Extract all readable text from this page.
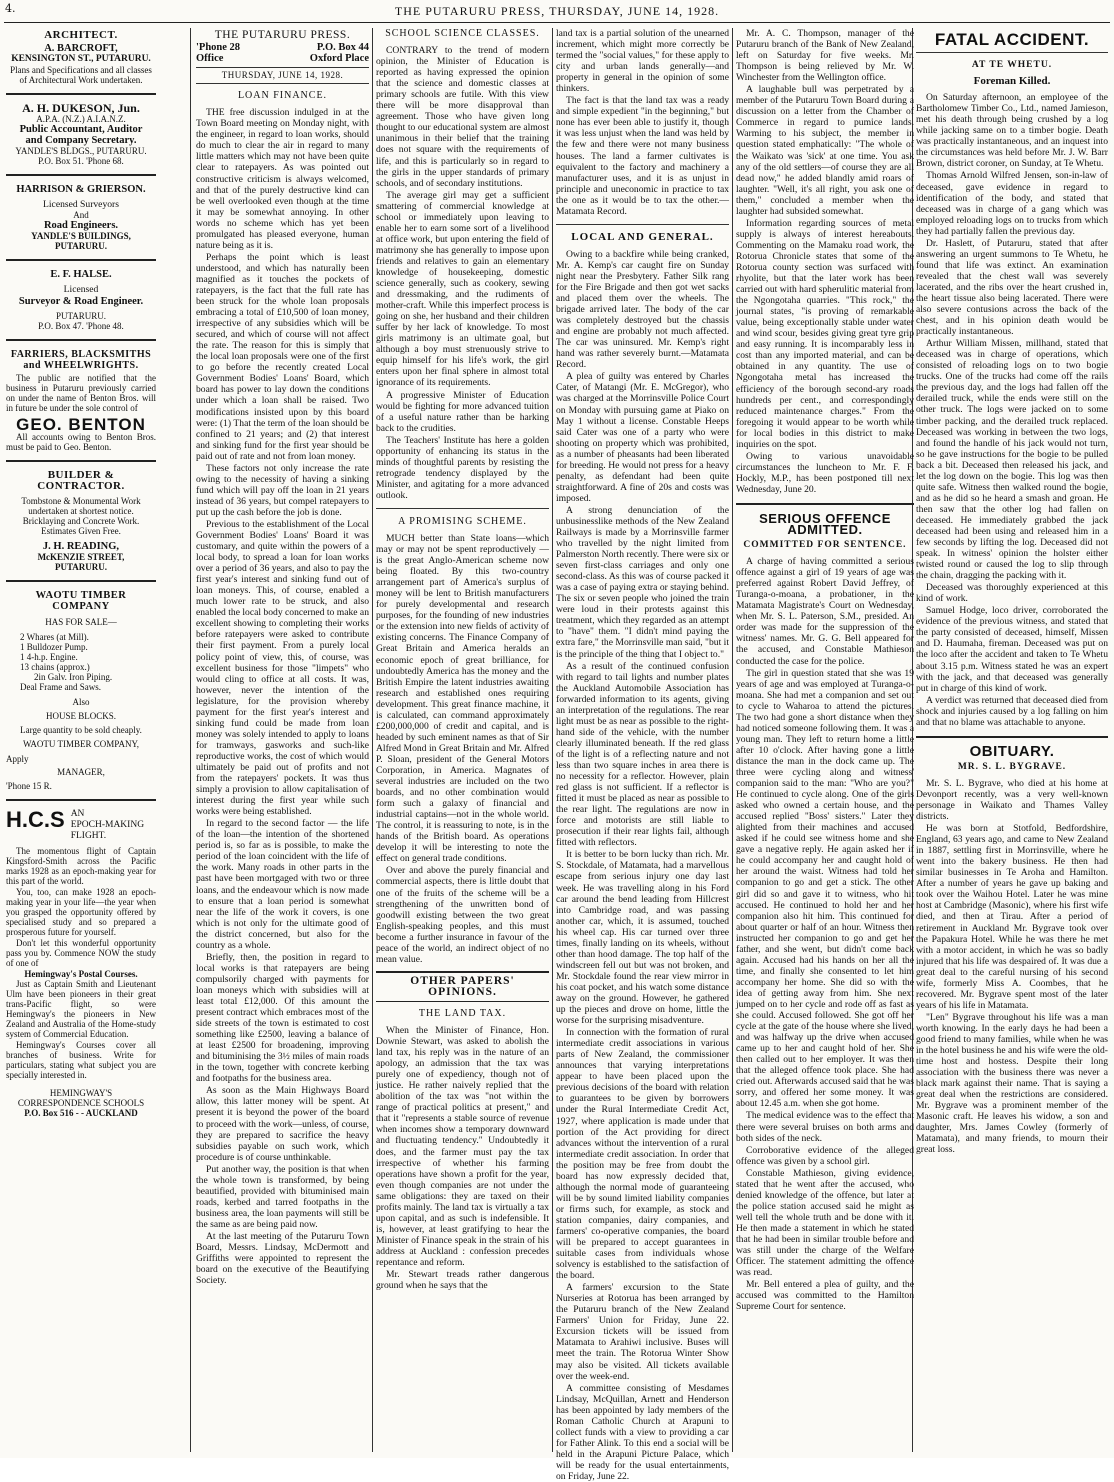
4.	THE PUTARURU PRESS, THURSDAY, JUNE 14, 1928.
ARCHITECT.
A. BARCROFT,
KENSINGTON ST., PUTARURU.
Plans and Specifications and all classes of Architectural Work undertaken.
A. H. DUKESON, Jun.
A.P.A. (N.Z.) A.I.A.N.Z.
Public Accountant, Auditor
and Company Secretary.
YANDLE'S BLDGS., PUTARURU.
P.O. Box 51. 'Phone 68.
HARRISON & GRIERSON.
Licensed Surveyors
And
Road Engineers.
YANDLE'S BUILDINGS,
PUTARURU.
E. F. HALSE.
Licensed
Surveyor & Road Engineer.
PUTARURU.
P.O. Box 47. 'Phone 48.
FARRIERS, BLACKSMITHS and WHEELWRIGHTS.

The public are notified that the business in Putaruru previously carried on under the name of Benton Bros. will in future be under the sole control of

GEO. BENTON

All accounts owing to Benton Bros. must be paid to Geo. Benton.

BUILDER & CONTRACTOR.
Tombstone & Monumental Work
undertaken at shortest notice. Bricklaying and Concrete Work. Estimates Given Free.
J. H. READING,
McKENZIE STREET,
PUTARURU.
WAOTU TIMBER COMPANY
HAS FOR SALE—
2 Whares (at Mill).
1 Bulldozer Pump.
1 4-h.p. Engine.
13 chains (approx.)
2in Galv. Iron Piping.
Deal Frame and Saws.
Also
HOUSE BLOCKS.
Large quantity to be sold cheaply.
WAOTU TIMBER COMPANY,
Apply
MANAGER,
'Phone 15 R.
H.C.S AN
EPOCH-MAKING
FLIGHT.

The momentous flight of Captain Kingsford-Smith across the Pacific marks 1928 as an epoch-making year for this part of the world.

You, too, can make 1928 an epoch-making year in your life—the year when you grasped the opportunity offered by specialised study and so prepared a prosperous future for yourself.

Don't let this wonderful opportunity pass you by. Commence NOW the study of one of

Hemingway's Postal Courses.

Just as Captain Smith and Lieutenant Ulm have been pioneers in their great trans-Pacific flight, so were Hemingway's the pioneers in New Zealand and Australia of the Home-study system of Commercial Education.

Hemingway's Courses cover all branches of business. Write for particulars, stating what subject you are specially interested in.

HEMINGWAY'S
CORRESPONDENCE SCHOOLS
P.O. Box 516 - - AUCKLAND
THE PUTARURU PRESS.
'Phone 28	P.O. Box 44
Office	Oxford Place
THURSDAY, JUNE 14, 1928.
LOAN FINANCE.

THE free discussion indulged in at the Town Board meeting on Monday night, with the engineer, in regard to loan works, should do much to clear the air in regard to many little matters which may not have been quite clear to ratepayers. As was pointed out constructive criticism is always welcomed, and that of the purely destructive kind can be well overlooked even though at the time it may be somewhat annoying. In other words no scheme which has yet been promulgated has pleased everyone, human nature being as it is.

Perhaps the point which is least understood, and which has naturally been magnified as it touches the pockets of ratepayers, is the fact that the full rate has been struck for the whole loan proposals embracing a total of £10,500 of loan money, irrespective of any subsidies which will be secured, and which of course will not affect the rate. The reason for this is simply that the local loan proposals were one of the first to go before the recently created Local Government Bodies' Loans' Board, which board has power to lay down the conditions under which a loan shall be raised. Two modifications insisted upon by this board were: (1) That the term of the loan should be confined to 21 years; and (2) that interest and sinking fund for the first year should be paid out of rate and not from loan money.

These factors not only increase the rate owing to the necessity of having a sinking fund which will pay off the loan in 21 years instead of 36 years, but compel ratepayers to put up the cash before the job is done.

Previous to the establishment of the Local Government Bodies' Loans' Board it was customary, and quite within the powers of a local body, to spread a loan for loan works over a period of 36 years, and also to pay the first year's interest and sinking fund out of loan moneys. This, of course, enabled a much lower rate to be struck, and also enabled the local body concerned to make an excellent showing to completing their works before ratepayers were asked to contribute their first payment. From a purely local policy point of view, this, of course, was excellent business for those "limpets" who would cling to office at all costs. It was, however, never the intention of the legislature, for the provision whereby payment for the first year's interest and sinking fund could be made from loan money was solely intended to apply to loans for tramways, gasworks and such-like reproductive works, the cost of which would ultimately be paid out of profits and not from the ratepayers' pockets. It was thus simply a provision to allow capitalisation of interest during the first year while such works were being established.

In regard to the second factor — the life of the loan—the intention of the shortened period is, so far as is possible, to make the period of the loan coincident with the life of the work. Many roads in other parts in the past have been mortgaged with two or three loans, and the endeavour which is now made to ensure that a loan period is somewhat near the life of the work it covers, is one which is not only for the ultimate good of the district concerned, but also for the country as a whole.

Briefly, then, the position in regard to local works is that ratepayers are being compulsorily charged with payments for loan moneys which with subsidies will at least total £12,000. Of this amount the present contract which embraces most of the side streets of the town is estimated to cost something like £2500, leaving a balance of at least £2500 for broadening, improving and bituminising the 3½ miles of main roads in the town, together with concrete kerbing and footpaths for the business area.

As soon as the Main Highways Board allow, this latter money will be spent. At present it is beyond the power of the board to proceed with the work—unless, of course, they are prepared to sacrifice the heavy subsidies payable on such work, which procedure is of course unthinkable.

Put another way, the position is that when the whole town is transformed, by being beautified, provided with bituminised main roads, kerbed and tarred footpaths in the business area, the loan payments will still be the same as are being paid now.

At the last meeting of the Putaruru Town Board, Messrs. Lindsay, McDermott and Griffiths were appointed to represent the board on the executive of the Beautifying Society.

SCHOOL SCIENCE CLASSES.

CONTRARY to the trend of modern opinion, the Minister of Education is reported as having expressed the opinion that the science and domestic classes at primary schools are futile. With this view there will be more disapproval than agreement. Those who have given long thought to our educational system are almost unanimous in their belief that the training does not square with the requirements of life, and this is particularly so in regard to the girls in the upper standards of primary schools, and of secondary institutions.

The average girl may get a sufficient smattering of commercial knowledge at school or immediately upon leaving to enable her to earn some sort of a livelihood at office work, but upon entering the field of matrimony she has generally to impose upon friends and relatives to gain an elementary knowledge of housekeeping, domestic science generally, such as cookery, sewing and dressmaking, and the rudiments of mother-craft. While this imperfect process is going on she, her husband and their children suffer by her lack of knowledge. To most girls matrimony is an ultimate goal, but although a boy must strenuously strive to equip himself for his life's work, the girl enters upon her final sphere in almost total ignorance of its requirements.

A progressive Minister of Education would be fighting for more advanced tuition of a useful nature rather than be harking back to the crudities.

The Teachers' Institute has here a golden opportunity of enhancing its status in the minds of thoughtful parents by resisting the retrograde tendency displayed by the Minister, and agitating for a more advanced outlook.

A PROMISING SCHEME.

MUCH better than State loans—which may or may not be spent reproductively — is the great Anglo-American scheme now being floated. By this two-country arrangement part of America's surplus of money will be lent to British manufacturers for purely developmental and research purposes, for the founding of new industries or the extension into new fields of activity of existing concerns. The Finance Company of Great Britain and America heralds an economic epoch of great brilliance, for undoubtedly America has the money and the British Empire the latent industries awaiting research and established ones requiring development. This great finance machine, it is calculated, can command approximately £200,000,000 of credit and capital, and is headed by such eminent names as that of Sir Alfred Mond in Great Britain and Mr. Alfred P. Sloan, president of the General Motors Corporation, in America. Magnates of several industries are included on the two boards, and no other combination would form such a galaxy of financial and industrial captains—not in the whole world. The control, it is reassuring to note, is in the hands of the British board. As operations develop it will be interesting to note the effect on general trade conditions.

Over and above the purely financial and commercial aspects, there is little doubt that one of the fruits of the scheme will be a strengthening of the unwritten bond of goodwill existing between the two great English-speaking peoples, and this must become a further insurance in favour of the peace of the world, an indirect object of no mean value.

OTHER PAPERS' OPINIONS.
THE LAND TAX.

When the Minister of Finance, Hon. Downie Stewart, was asked to abolish the land tax, his reply was in the nature of an apology, an admission that the tax was purely one of expediency, though not of justice. He rather naively replied that the abolition of the tax was "not within the range of practical politics at present," and that it "represents a stable source of revenue when incomes show a temporary downward and fluctuating tendency." Undoubtedly it does, and the farmer must pay the tax irrespective of whether his farming operations have shown a profit for the year, even though companies are not under the same obligations: they are taxed on their profits mainly. The land tax is virtually a tax upon capital, and as such is indefensible. It is, however, at least gratifying to hear the Minister of Finance speak in the strain of his address at Auckland : confession precedes repentance and reform.

Mr. Stewart treads rather dangerous ground when he says that the

land tax is a partial solution of the unearned increment, which might more correctly be termed the "social values," for these apply to city and urban lands generally—and property in general in the opinion of some thinkers.

The fact is that the land tax was a ready and simple expedient "in the beginning," but none has ever been able to justify it, though it was less unjust when the land was held by the few and there were not many business houses. The land a farmer cultivates is equivalent to the factory and machinery a manufacturer uses, and it is as unjust in principle and uneconomic in practice to tax the one as it would be to tax the other.—Matamata Record.

LOCAL AND GENERAL.

Owing to a backfire while being cranked, Mr. A. Kemp's car caught fire on Sunday night near the Presbytery. Father Silk rang for the Fire Brigade and then got wet sacks and placed them over the wheels. The brigade arrived later. The body of the car was completely destroyed but the chassis and engine are probably not much affected. The car was uninsured. Mr. Kemp's right hand was rather severely burnt.—Matamata Record.

A plea of guilty was entered by Charles Cater, of Matangi (Mr. E. McGregor), who was charged at the Morrinsville Police Court on Monday with pursuing game at Piako on May 1 without a license. Constable Heeps said Cater was one of a party who were shooting on property which was prohibited, as a number of pheasants had been liberated for breeding. He would not press for a heavy penalty, as defendant had been quite straightforward. A fine of 20s and costs was imposed.

A strong denunciation of the unbusinesslike methods of the New Zealand Railways is made by a Morrinsville farmer who travelled by the night limited from Palmerston North recently. There were six or seven first-class carriages and only one second-class. As this was of course packed it was a case of paying extra or staying behind. The six or seven people who joined the train were loud in their protests against this treatment, which they regarded as an attempt to "have" them. "I didn't mind paying the extra fare," the Morrinsville man said, "but it is the principle of the thing that I object to."

As a result of the continued confusion with regard to tail lights and number plates the Auckland Automobile Association has forwarded information to its agents, giving an interpretation of the regulations. The rear light must be as near as possible to the right-hand side of the vehicle, with the number clearly illuminated beneath. If the red glass of the light is of a reflecting nature and not less than two square inches in area there is no necessity for a reflector. However, plain red glass is not sufficient. If a reflector is fitted it must be placed as near as possible to the rear light. The regulations are now in force and motorists are still liable to prosecution if their rear lights fail, although fitted with reflectors.

It is better to be born lucky than rich. Mr. S. Stockdale, of Matamata, had a marvellous escape from serious injury one day last week. He was travelling along in his Ford car around the bend leading from Hillcrest into Cambridge road, and was passing another car, which, it is assumed, touched his wheel cap. His car turned over three times, finally landing on its wheels, without other than hood damage. The top half of the windscreen fell out but was not broken, and Mr. Stockdale found the rear view mirror in his coat pocket, and his watch some distance away on the ground. However, he gathered up the pieces and drove on home, little the worse for the surprising misadventure.

In connection with the formation of rural intermediate credit associations in various parts of New Zealand, the commissioner announces that varying interpretations appear to have been placed upon the previous decisions of the board with relation to guarantees to be given by borrowers under the Rural Intermediate Credit Act, 1927, where application is made under that portion of the Act providing for direct advances without the intervention of a rural intermediate credit association. In order that the position may be free from doubt the board has now expressly decided that, although the normal mode of guaranteeing will be by sound limited liability companies or firms such, for example, as stock and station companies, dairy companies, and farmers' co-operative companies, the board will be prepared to accept guarantees in suitable cases from individuals whose solvency is established to the satisfaction of the board.

A farmers' excursion to the State Nurseries at Rotorua has been arranged by the Putaruru branch of the New Zealand Farmers' Union for Friday, June 22. Excursion tickets will be issued from Matamata to Arahiwi inclusive. Buses will meet the train. The Rotorua Winter Show may also be visited. All tickets available over the week-end.

A committee consisting of Mesdames Lindsay, McQuillan, Arnett and Henderson has been appointed by lady members of the Roman Catholic Church at Arapuni to collect funds with a view to providing a car for Father Alink. To this end a social will be held in the Arapuni Picture Palace, which will be ready for the usual entertainments, on Friday, June 22.

Mr. A. C. Thompson, manager of the Putaruru branch of the Bank of New Zealand, left on Saturday for five weeks. Mr. Thompson is being relieved by Mr. W. Winchester from the Wellington office.

A laughable bull was perpetrated by a member of the Putaruru Town Board during a discussion on a letter from the Chamber of Commerce in regard to pumice lands. Warming to his subject, the member in question stated emphatically: "The whole of the Waikato was 'sick' at one time. You ask any of the old settlers—of course they are all dead now," he added blandly amid roars of laughter. "Well, it's all right, you ask one of them," concluded a member when the laughter had subsided somewhat.

Information regarding sources of metal supply is always of interest hereabouts. Commenting on the Mamaku road work, the Rotorua Chronicle states that some of the Rotorua county section was surfaced with rhyolite, but that the later work has been carried out with hard spherulitic material from the Ngongotaha quarries. "This rock," the journal states, "is proving of remarkable value, being exceptionally stable under water and wind scour, besides giving great tyre grip and easy running. It is incomparably less in cost than any imported material, and can be obtained in any quantity. The use of Ngongotaha metal has increased the efficiency of the borough second-ary roads hundreds per cent., and correspondingly reduced maintenance charges." From the foregoing it would appear to be worth while for local bodies in this district to make inquiries on the spot.

Owing to various unavoidable circumstances the luncheon to Mr. F. F. Hockly, M.P., has been postponed till next Wednesday, June 20.

SERIOUS OFFENCE ADMITTED.
COMMITTED FOR SENTENCE.

A charge of having committed a serious offence against a girl of 19 years of age was preferred against Robert David Jeffrey, of Turanga-o-moana, a probationer, in the Matamata Magistrate's Court on Wednesday, when Mr. S. L. Paterson, S.M., presided. An order was made for the suppression of the witness' names. Mr. G. G. Bell appeared for the accused, and Constable Mathieson conducted the case for the police.

The girl in question stated that she was 19 years of age and was employed at Turanga-o-moana. She had met a companion and set out to cycle to Waharoa to attend the pictures. The two had gone a short distance when they had noticed someone following them. It was a young man. They left to return home a little after 10 o'clock. After having gone a little distance the man in the dock came up. The three were cycling along and witness' companion said to the man: "Who are you?" He continued to cycle along. One of the girls asked who owned a certain house, and the accused replied "Boss' sisters." Later they alighted from their machines and accused asked if he could see witness home and she gave a negative reply. He again asked her if he could accompany her and caught hold of her around the waist. Witness had told her companion to go and get a stick. The other girl did so and gave it to witness, who hit accused. He continued to hold her and her companion also hit him. This continued for about quarter or half of an hour. Witness then instructed her companion to go and get her father, and she went, but didn't come back again. Accused had his hands on her all the time, and finally she consented to let him accompany her home. She did so with the idea of getting away from him. She next jumped on to her cycle and rode off as fast as she could. Accused followed. She got off her cycle at the gate of the house where she lived, and was halfway up the drive when accused came up to her and caught hold of her. She then called out to her employer. It was then that the alleged offence took place. She had cried out. Afterwards accused said that he was sorry, and offered her some money. It was about 12.45 a.m. when she got home.

The medical evidence was to the effect that there were several bruises on both arms and both sides of the neck.

Corroborative evidence of the alleged offence was given by a school girl.

Constable Mathieson, giving evidence, stated that he went after the accused, who denied knowledge of the offence, but later at the police station accused said he might as well tell the whole truth and be done with it. He then made a statement in which he stated that he had been in similar trouble before and was still under the charge of the Welfare Officer. The statement admitting the offence was read.

Mr. Bell entered a plea of guilty, and the accused was committed to the Hamilton Supreme Court for sentence.

FATAL ACCIDENT.
AT TE WHETU.
Foreman Killed.

On Saturday afternoon, an employee of the Bartholomew Timber Co., Ltd., named Jamieson, met his death through being crushed by a log while jacking same on to a timber bogie. Death was practically instantaneous, and an inquest into the circumstances was held before Mr. J. W. Barr Brown, district coroner, on Sunday, at Te Whetu.

Thomas Arnold Wilfred Jensen, son-in-law of deceased, gave evidence in regard to identification of the body, and stated that deceased was in charge of a gang which was employed reloading logs on to trucks from which they had partially fallen the previous day.

Dr. Haslett, of Putaruru, stated that after answering an urgent summons to Te Whetu, he found that life was extinct. An examination revealed that the chest wall was severely lacerated, and the ribs over the heart crushed in, the heart tissue also being lacerated. There were also severe contusions across the back of the chest, and in his opinion death would be practically instantaneous.

Arthur William Missen, millhand, stated that deceased was in charge of operations, which consisted of reloading logs on to two bogie trucks. One of the trucks had come off the rails the previous day, and the logs had fallen off the derailed truck, while the ends were still on the other truck. The logs were jacked on to some timber packing, and the derailed truck replaced. Deceased was working in between the two logs, and found the handle of his jack would not turn, so he gave instructions for the bogie to be pulled back a bit. Deceased then released his jack, and let the log down on the bogie. This log was then quite safe. Witness then walked round the bogie, and as he did so he heard a smash and groan. He then saw that the other log had fallen on deceased. He immediately grabbed the jack deceased had been using and released him in a few seconds by lifting the log. Deceased did not speak. In witness' opinion the holster either twisted round or caused the log to slip through the chain, dragging the packing with it.

Deceased was thoroughly experienced at this kind of work.

Samuel Hodge, loco driver, corroborated the evidence of the previous witness, and stated that the party consisted of deceased, himself, Missen and D. Haumaha, fireman. Deceased was put on the loco after the accident and taken to Te Whetu about 3.15 p.m. Witness stated he was an expert with the jack, and that deceased was generally put in charge of this kind of work.

A verdict was returned that deceased died from shock and injuries caused by a log falling on him and that no blame was attachable to anyone.

OBITUARY.
MR. S. L. BYGRAVE.

Mr. S. L. Bygrave, who died at his home at Devonport recently, was a very well-known personage in Waikato and Thames Valley districts.

He was born at Stotfold, Bedfordshire, England, 63 years ago, and came to New Zealand in 1887, settling first in Morrinsville, where he went into the bakery business. He then had similar businesses in Te Aroha and Hamilton. After a number of years he gave up baking and took over the Waihou Hotel. Later he was mine host at Cambridge (Masonic), where his first wife died, and then at Tirau. After a period of retirement in Auckland Mr. Bygrave took over the Papakura Hotel. While he was there he met with a motor accident, in which he was so badly injured that his life was despaired of. It was due a great deal to the careful nursing of his second wife, formerly Miss A. Coombes, that he recovered. Mr. Bygrave spent most of the later years of his life in Matamata.

"Len" Bygrave throughout his life was a man worth knowing. In the early days he had been a good friend to many families, while when he was in the hotel business he and his wife were the old-time host and hostess. Despite their long association with the business there was never a black mark against their name. That is saying a great deal when the restrictions are considered. Mr. Bygrave was a prominent member of the Masonic craft. He leaves his widow, a son and daughter, Mrs. James Cowley (formerly of Matamata), and many friends, to mourn their great loss.
